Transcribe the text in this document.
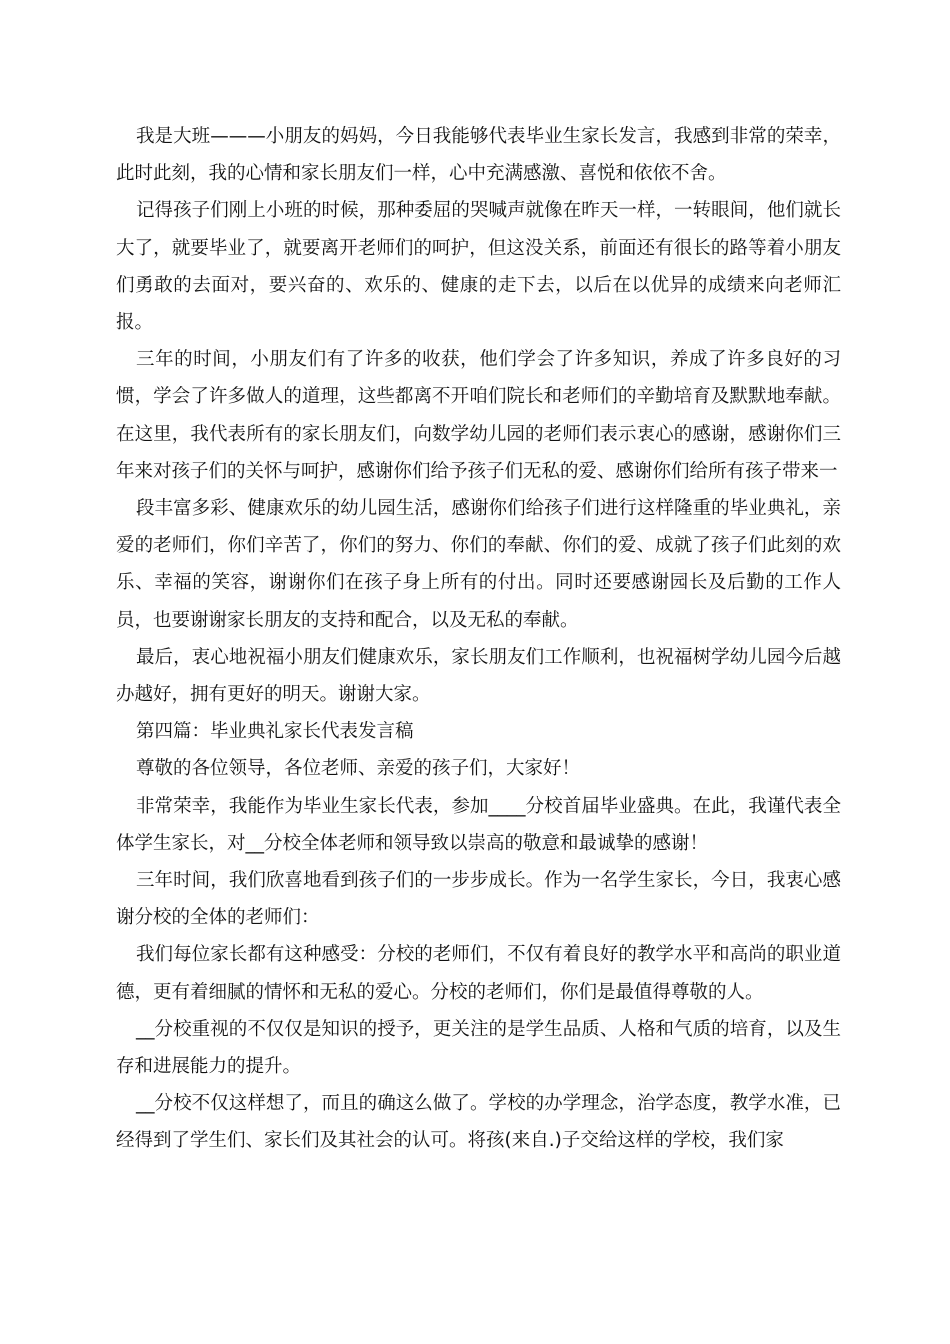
我是大班———小朋友的妈妈，今日我能够代表毕业生家长发言，我感到非常的荣幸，此时此刻，我的心情和家长朋友们一样，心中充满感激、喜悦和依依不舍。

记得孩子们刚上小班的时候，那种委屈的哭喊声就像在昨天一样，一转眼间，他们就长大了，就要毕业了，就要离开老师们的呵护，但这没关系，前面还有很长的路等着小朋友们勇敢的去面对，要兴奋的、欢乐的、健康的走下去，以后在以优异的成绩来向老师汇报。

三年的时间，小朋友们有了许多的收获，他们学会了许多知识，养成了许多良好的习惯，学会了许多做人的道理，这些都离不开咱们院长和老师们的辛勤培育及默默地奉献。在这里，我代表所有的家长朋友们，向数学幼儿园的老师们表示衷心的感谢，感谢你们三年来对孩子们的关怀与呵护，感谢你们给予孩子们无私的爱、感谢你们给所有孩子带来一

段丰富多彩、健康欢乐的幼儿园生活，感谢你们给孩子们进行这样隆重的毕业典礼，亲爱的老师们，你们辛苦了，你们的努力、你们的奉献、你们的爱、成就了孩子们此刻的欢乐、幸福的笑容，谢谢你们在孩子身上所有的付出。同时还要感谢园长及后勤的工作人员，也要谢谢家长朋友的支持和配合，以及无私的奉献。

最后，衷心地祝福小朋友们健康欢乐，家长朋友们工作顺利，也祝福树学幼儿园今后越办越好，拥有更好的明天。谢谢大家。

第四篇：毕业典礼家长代表发言稿

尊敬的各位领导，各位老师、亲爱的孩子们，大家好！

非常荣幸，我能作为毕业生家长代表，参加____分校首届毕业盛典。在此，我谨代表全体学生家长，对__分校全体老师和领导致以崇高的敬意和最诚挚的感谢！

三年时间，我们欣喜地看到孩子们的一步步成长。作为一名学生家长，今日，我衷心感谢分校的全体的老师们：

我们每位家长都有这种感受：分校的老师们，不仅有着良好的教学水平和高尚的职业道德，更有着细腻的情怀和无私的爱心。分校的老师们，你们是最值得尊敬的人。

__分校重视的不仅仅是知识的授予，更关注的是学生品质、人格和气质的培育，以及生存和进展能力的提升。

__分校不仅这样想了，而且的确这么做了。学校的办学理念，治学态度，教学水准，已经得到了学生们、家长们及其社会的认可。将孩(来自.)子交给这样的学校，我们家
